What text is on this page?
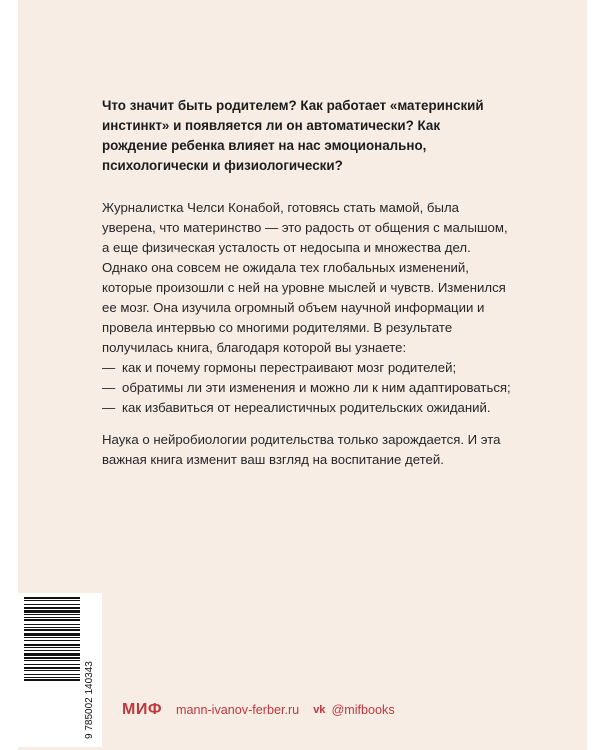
Что значит быть родителем? Как работает «материнский инстинкт» и появляется ли он автоматически? Как рождение ребенка влияет на нас эмоционально, психологически и физиологически?

Журналистка Челси Конабой, готовясь стать мамой, была уверена, что материнство — это радость от общения с малышом, а еще физическая усталость от недосыпа и множества дел. Однако она совсем не ожидала тех глобальных изменений, которые произошли с ней на уровне мыслей и чувств. Изменился ее мозг. Она изучила огромный объем научной информации и провела интервью со многими родителями. В результате получилась книга, благодаря которой вы узнаете:

— как и почему гормоны перестраивают мозг родителей;
— обратимы ли эти изменения и можно ли к ним адаптироваться;
— как избавиться от нереалистичных родительских ожиданий.

Наука о нейробиологии родительства только зарождается. И эта важная книга изменит ваш взгляд на воспитание детей.

9 785002 140343 МИФ mann-ivanov-ferber.ru vk @mifbooks
